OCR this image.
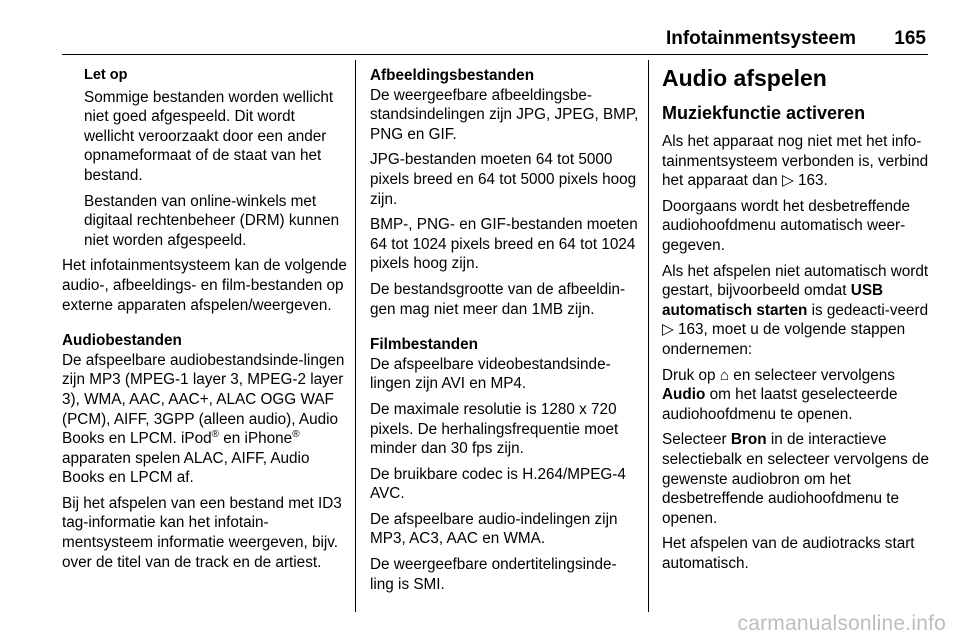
Infotainmentsysteem 165

Let op

Sommige bestanden worden wellicht niet goed afgespeeld. Dit wordt wellicht veroorzaakt door een ander opnameformaat of de staat van het bestand.

Bestanden van online-winkels met digitaal rechtenbeheer (DRM) kunnen niet worden afgespeeld.

Het infotainmentsysteem kan de volgende audio-, afbeeldings- en film-bestanden op externe apparaten afspelen/weergeven.

Audiobestanden

De afspeelbare audiobestandsinde-lingen zijn MP3 (MPEG-1 layer 3, MPEG-2 layer 3), WMA, AAC, AAC+, ALAC OGG WAF (PCM), AIFF, 3GPP (alleen audio), Audio Books en LPCM. iPod® en iPhone® apparaten spelen ALAC, AIFF, Audio Books en LPCM af.

Bij het afspelen van een bestand met ID3 tag-informatie kan het infotain-mentsysteem informatie weergeven, bijv. over de titel van de track en de artiest.

Afbeeldingsbestanden

De weergeefbare afbeeldingsbe-standsindelingen zijn JPG, JPEG, BMP, PNG en GIF.

JPG-bestanden moeten 64 tot 5000 pixels breed en 64 tot 5000 pixels hoog zijn.

BMP-, PNG- en GIF-bestanden moeten 64 tot 1024 pixels breed en 64 tot 1024 pixels hoog zijn.

De bestandsgrootte van de afbeeldin-gen mag niet meer dan 1MB zijn.

Filmbestanden

De afspeelbare videobestandsinde-lingen zijn AVI en MP4.

De maximale resolutie is 1280 x 720 pixels. De herhalingsfrequentie moet minder dan 30 fps zijn.

De bruikbare codec is H.264/MPEG-4 AVC.

De afspeelbare audio-indelingen zijn MP3, AC3, AAC en WMA.

De weergeefbare ondertitelingsinde-ling is SMI.

Audio afspelen

Muziekfunctie activeren

Als het apparaat nog niet met het info-tainmentsysteem verbonden is, verbind het apparaat dan ▷ 163.

Doorgaans wordt het desbetreffende audiohoofdmenu automatisch weer-gegeven.

Als het afspelen niet automatisch wordt gestart, bijvoorbeeld omdat USB automatisch starten is gedeacti-veerd ▷ 163, moet u de volgende stappen ondernemen:

Druk op ⌂ en selecteer vervolgens Audio om het laatst geselecteerde audiohoofdmenu te openen.

Selecteer Bron in de interactieve selectiebalk en selecteer vervolgens de gewenste audiobron om het desbetreffende audiohoofdmenu te openen.

Het afspelen van de audiotracks start automatisch.

carmanualsonline.info
